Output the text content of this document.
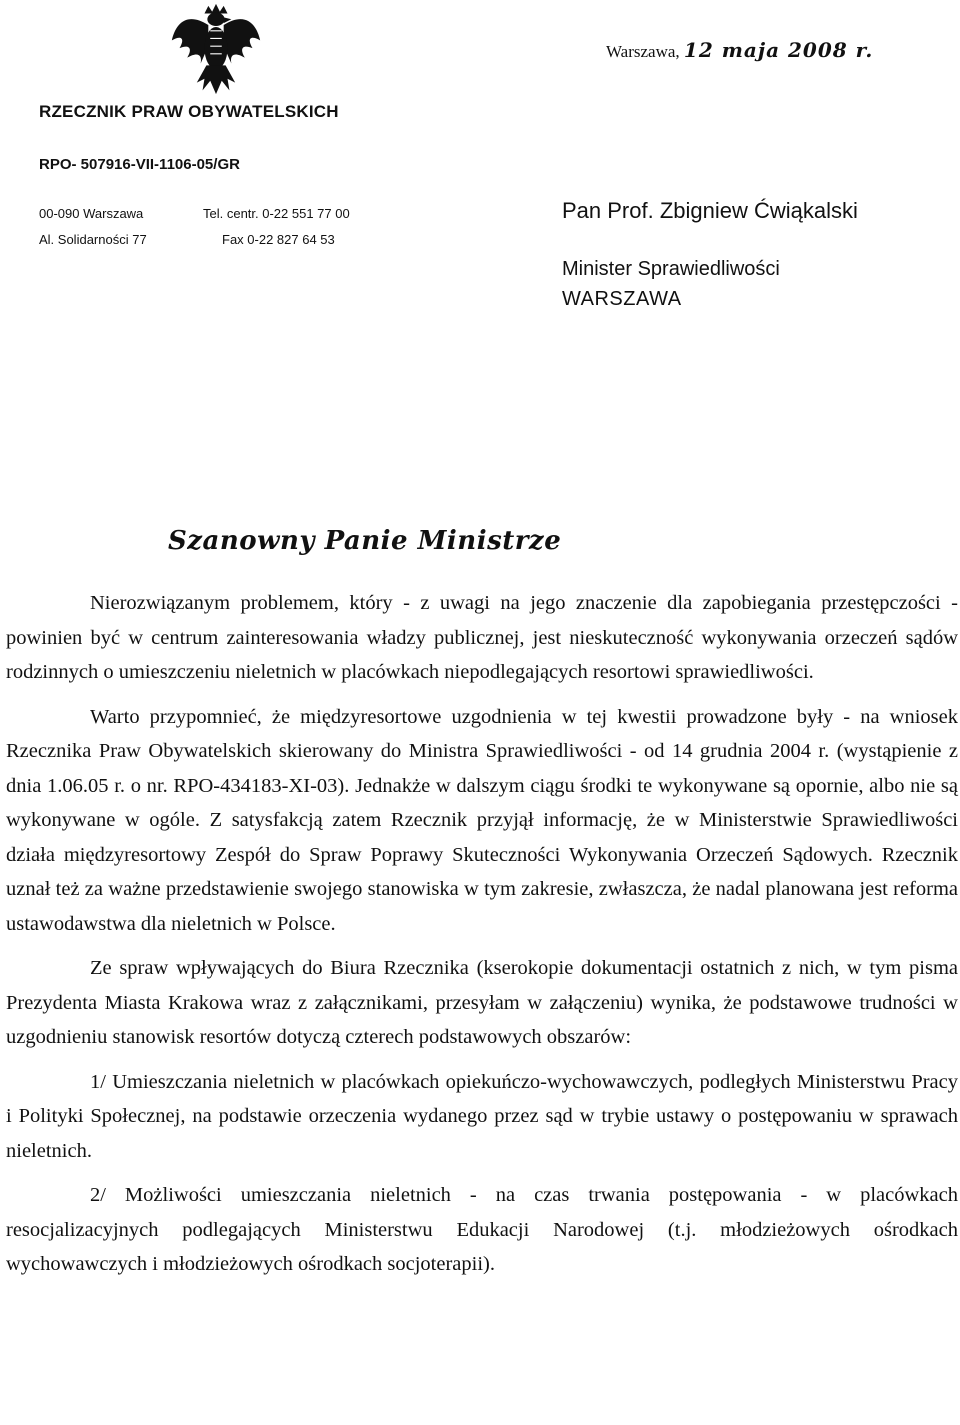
RZECZNIK PRAW OBYWATELSKICH
RPO- 507916-VII-1106-05/GR
00-090 Warszawa
Al. Solidarności 77
Tel. centr. 0-22 551 77 00
Fax 0-22 827 64 53
Warszawa, 12 maja 2008 r.
Pan Prof. Zbigniew Ćwiąkalski
Minister Sprawiedliwości
WARSZAWA
Szanowny Panie Ministrze

Nierozwiązanym problemem, który - z uwagi na jego znaczenie dla zapobiegania przestępczości - powinien być w centrum zainteresowania władzy publicznej, jest nieskuteczność wykonywania orzeczeń sądów rodzinnych o umieszczeniu nieletnich w placówkach niepodlegających resortowi sprawiedliwości.

Warto przypomnieć, że międzyresortowe uzgodnienia w tej kwestii prowadzone były - na wniosek Rzecznika Praw Obywatelskich skierowany do Ministra Sprawiedliwości - od 14 grudnia 2004 r. (wystąpienie z dnia 1.06.05 r. o nr. RPO-434183-XI-03). Jednakże w dalszym ciągu środki te wykonywane są opornie, albo nie są wykonywane w ogóle. Z satysfakcją zatem Rzecznik przyjął informację, że w Ministerstwie Sprawiedliwości działa międzyresortowy Zespół do Spraw Poprawy Skuteczności Wykonywania Orzeczeń Sądowych. Rzecznik uznał też za ważne przedstawienie swojego stanowiska w tym zakresie, zwłaszcza, że nadal planowana jest reforma ustawodawstwa dla nieletnich w Polsce.

Ze spraw wpływających do Biura Rzecznika (kserokopie dokumentacji ostatnich z nich, w tym pisma Prezydenta Miasta Krakowa wraz z załącznikami, przesyłam w załączeniu) wynika, że podstawowe trudności w uzgodnieniu stanowisk resortów dotyczą czterech podstawowych obszarów:

1/ Umieszczania nieletnich w placówkach opiekuńczo-wychowawczych, podległych Ministerstwu Pracy i Polityki Społecznej, na podstawie orzeczenia wydanego przez sąd w trybie ustawy o postępowaniu w sprawach nieletnich.

2/ Możliwości umieszczania nieletnich - na czas trwania postępowania - w placówkach resocjalizacyjnych podlegających Ministerstwu Edukacji Narodowej (t.j. młodzieżowych ośrodkach wychowawczych i młodzieżowych ośrodkach socjoterapii).
